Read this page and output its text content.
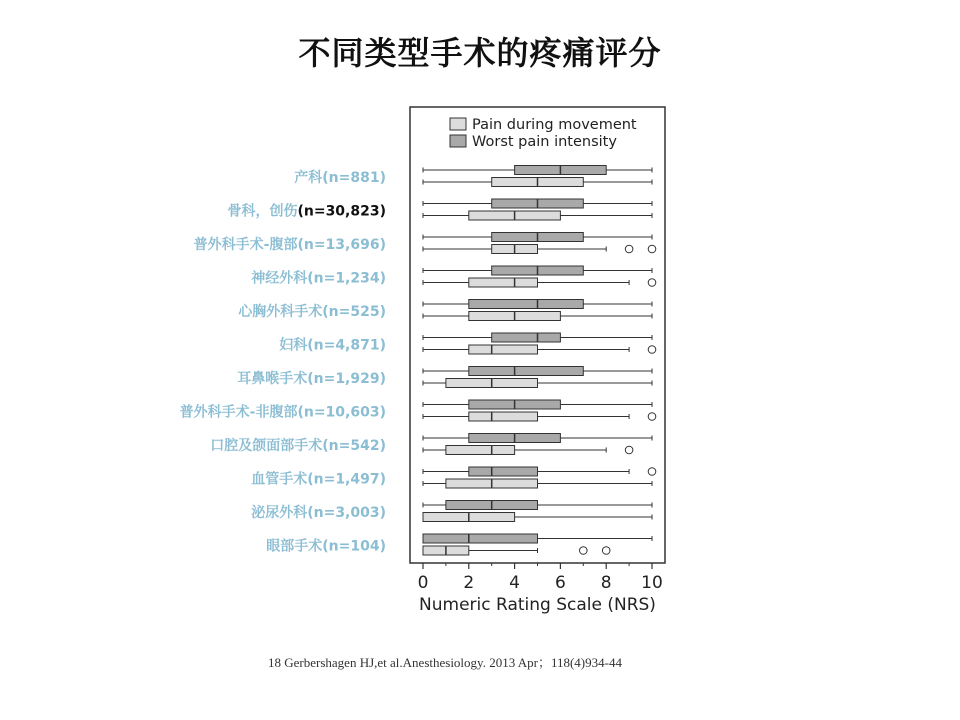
不同类型手术的疼痛评分
Pain during movement
Worst pain intensity
产科(n=881)
骨科，创伤(n=30,823)
普外科手术-腹部(n=13,696)
神经外科(n=1,234)
心胸外科手术(n=525)
妇科(n=4,871)
耳鼻喉手术(n=1,929)
普外科手术-非腹部(n=10,603)
口腔及颌面部手术(n=542)
血管手术(n=1,497)
泌尿外科(n=3,003)
眼部手术(n=104)
0 2 4 6 8 10
Numeric Rating Scale (NRS)
18 Gerbershagen HJ,et al.Anesthesiology. 2013 Apr；118(4)934-44
